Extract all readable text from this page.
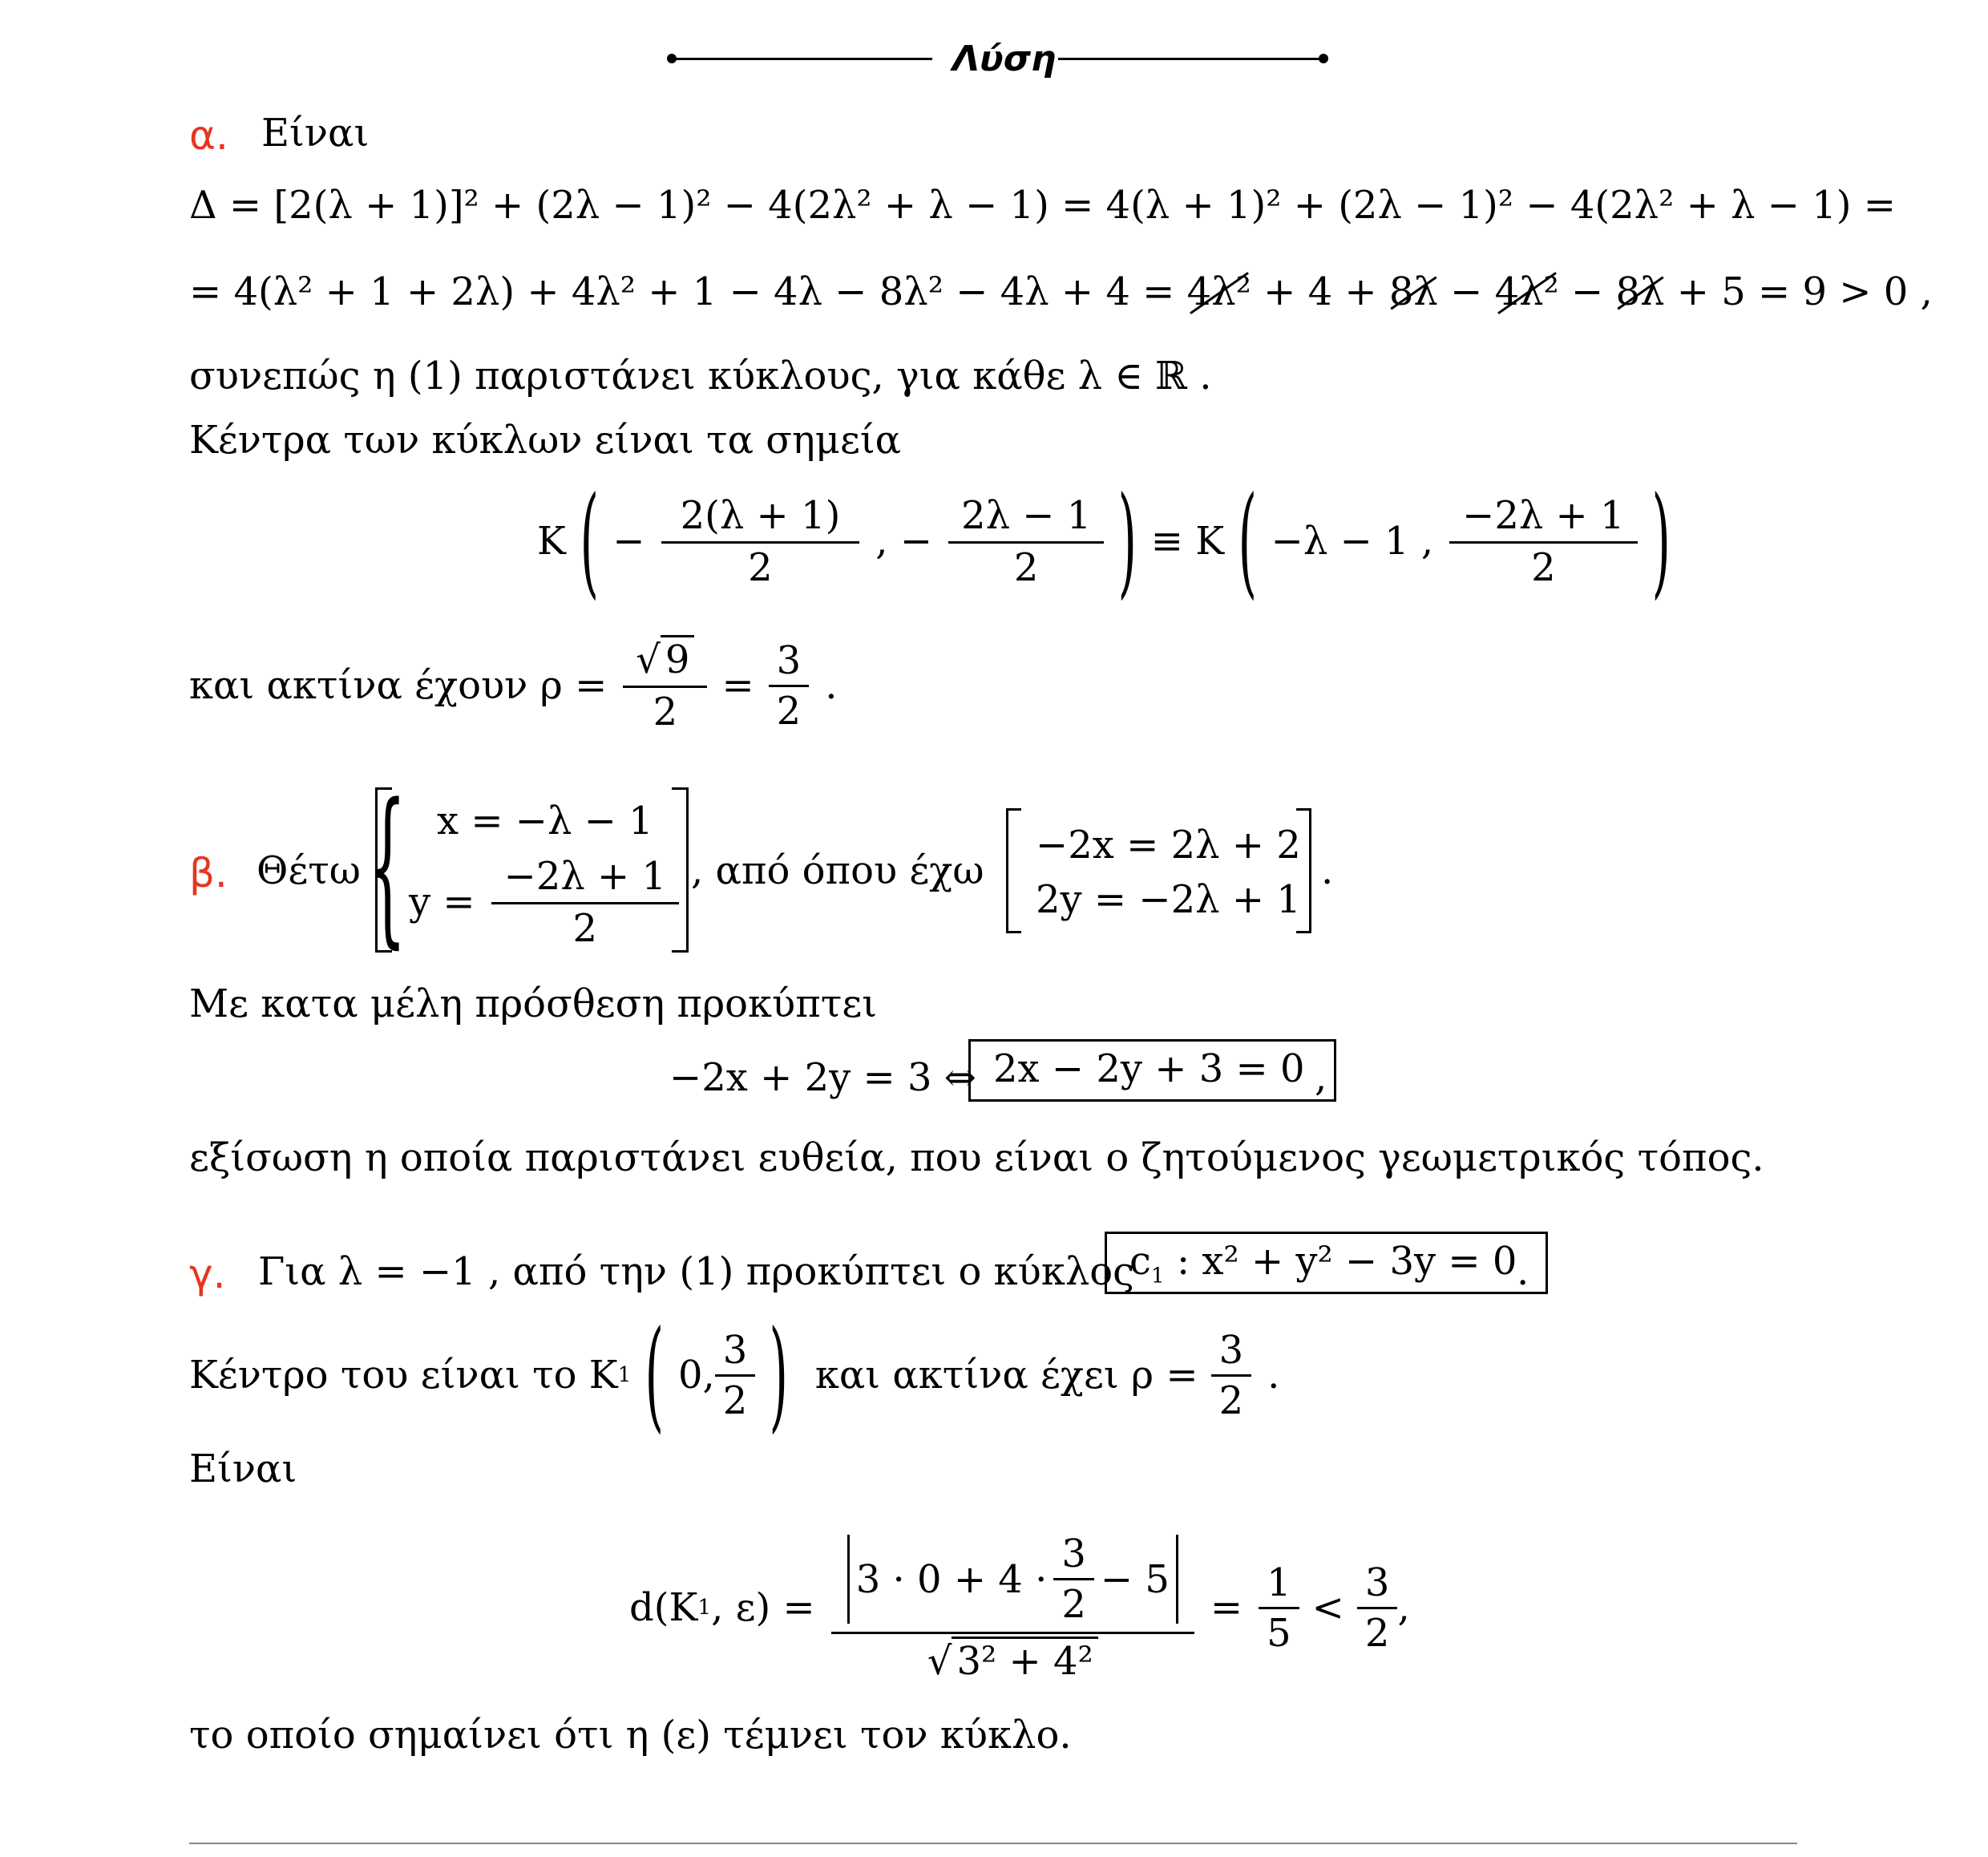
Λύση
α. Είναι
Δ = [2(λ + 1)]² + (2λ − 1)² − 4(2λ² + λ − 1) = 4(λ + 1)² + (2λ − 1)² − 4(2λ² + λ − 1) =
= 4(λ² + 1 + 2λ) + 4λ² + 1 − 4λ − 8λ² − 4λ + 4 = 4λ² + 4 + 8λ − 4λ² − 8λ + 5 = 9 > 0 ,
συνεπώς η (1) παριστάνει κύκλους, για κάθε λ ∈ ℝ .
Κέντρα των κύκλων είναι τα σημεία
K ( − $\frac{2(\lambda + 1)}{2}$ , − $\frac{2\lambda - 1}{2}$ ) ≡ K ( −λ − 1 , $\frac{-2\lambda + 1}{2}$ )
και ακτίνα έχουν $\rho = \frac{√ 9}{2} = \frac{3}{2}$ .
β. Θέτω { x = −λ − 1
$y = \frac{-2\lambda + 1}{2}$ , από όπου έχω
−2x = 2λ + 2
2y = −2λ + 1
.
Με κατα μέλη πρόσθεση προκύπτει
−2x + 2y = 3 ⇔ 2x − 2y + 3 = 0 ,
εξίσωση η οποία παριστάνει ευθεία, που είναι ο ζητούμενος γεωμετρικός τόπος.
γ. Για λ = −1 , από την (1) προκύπτει ο κύκλος
$c_1$ : x² + y² − 3y = 0 .
Κέντρο του είναι το K 1 ( 0, $\frac{3}{2}$ ) και ακτίνα έχει $\rho = \frac{3}{2}$ .
Είναι
d(K 1 , ε) =
$3 \cdot 0 + 4 \cdot \frac{3}{2} - 5$
√ 3² + 4²
= $\frac{1}{5} < \frac{3}{2}$ ,
το οποίο σημαίνει ότι η (ε) τέμνει τον κύκλο.
